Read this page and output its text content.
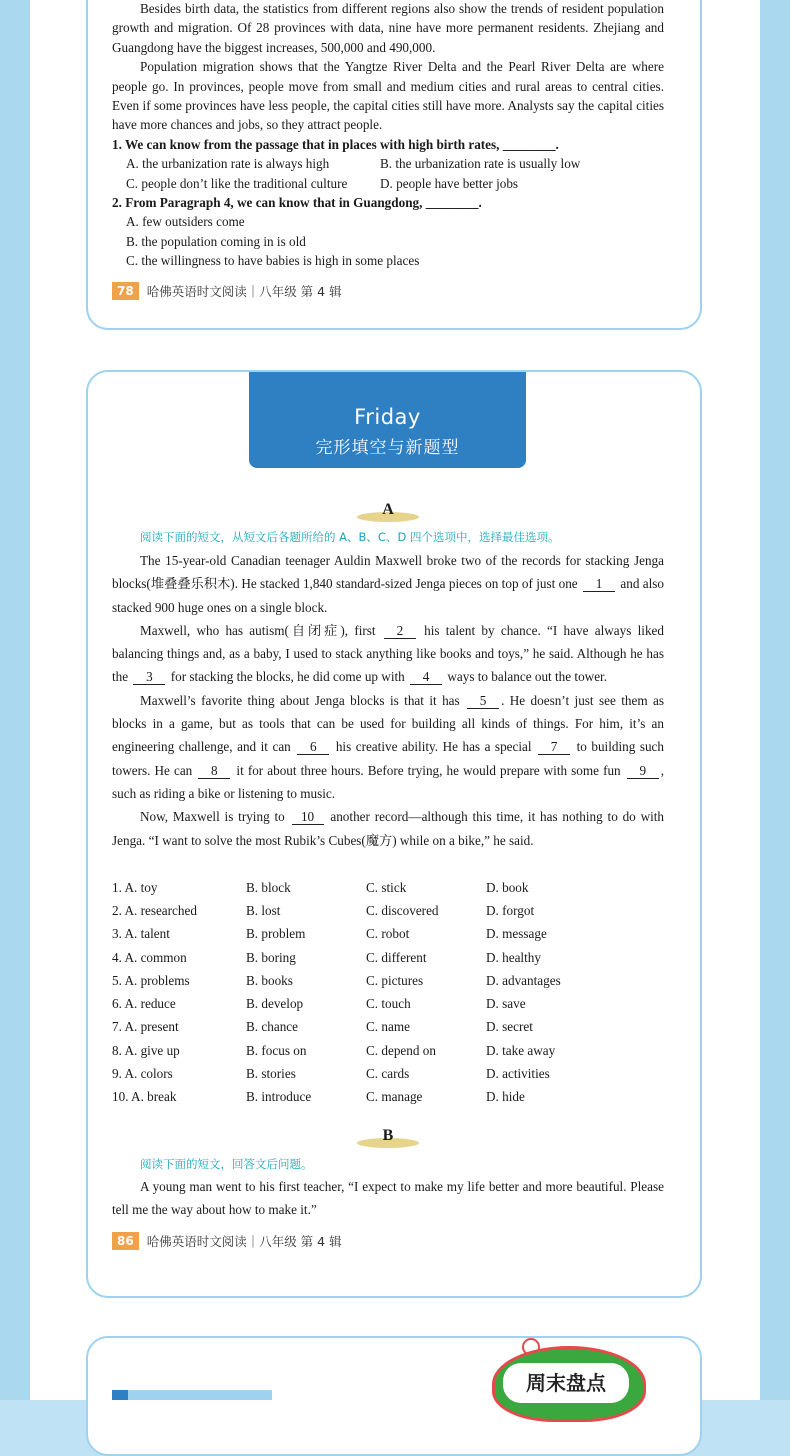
Besides birth data, the statistics from different regions also show the trends of resident population growth and migration. Of 28 provinces with data, nine have more permanent residents. Zhejiang and Guangdong have the biggest increases, 500,000 and 490,000.

Population migration shows that the Yangtze River Delta and the Pearl River Delta are where people go. In provinces, people move from small and medium cities and rural areas to central cities. Even if some provinces have less people, the capital cities still have more. Analysts say the capital cities have more chances and jobs, so they attract people.

1. We can know from the passage that in places with high birth rates, ________.

A. the urbanization rate is always high	B. the urbanization rate is usually low
C. people don’t like the traditional culture	D. people have better jobs

2. From Paragraph 4, we can know that in Guangdong, ________.

A. few outsiders come

B. the population coming in is old

C. the willingness to have babies is high in some places

78	哈佛英语时文阅读｜八年级 第 4 辑
Friday
完形填空与新题型
A
阅读下面的短文，从短文后各题所给的 A、B、C、D 四个选项中，选择最佳选项。

The 15-year-old Canadian teenager Auldin Maxwell broke two of the records for stacking Jenga blocks(堆叠叠乐积木). He stacked 1,840 standard-sized Jenga pieces on top of just one 1 and also stacked 900 huge ones on a single block.

Maxwell, who has autism(自闭症), first 2 his talent by chance. “I have always liked balancing things and, as a baby, I used to stack anything like books and toys,” he said. Although he has the 3 for stacking the blocks, he did come up with 4 ways to balance out the tower.

Maxwell’s favorite thing about Jenga blocks is that it has 5 . He doesn’t just see them as blocks in a game, but as tools that can be used for building all kinds of things. For him, it’s an engineering challenge, and it can 6 his creative ability. He has a special 7 to building such towers. He can 8 it for about three hours. Before trying, he would prepare with some fun 9 , such as riding a bike or listening to music.

Now, Maxwell is trying to 10 another record—although this time, it has nothing to do with Jenga. “I want to solve the most Rubik’s Cubes(魔方) while on a bike,” he said.

1. A. toy	B. block	C. stick	D. book
2. A. researched	B. lost	C. discovered	D. forgot
3. A. talent	B. problem	C. robot	D. message
4. A. common	B. boring	C. different	D. healthy
5. A. problems	B. books	C. pictures	D. advantages
6. A. reduce	B. develop	C. touch	D. save
7. A. present	B. chance	C. name	D. secret
8. A. give up	B. focus on	C. depend on	D. take away
9. A. colors	B. stories	C. cards	D. activities
10. A. break	B. introduce	C. manage	D. hide
B
阅读下面的短文，回答文后问题。

A young man went to his first teacher, “I expect to make my life better and more beautiful. Please tell me the way about how to make it.”

86	哈佛英语时文阅读｜八年级 第 4 辑
周末盘点
